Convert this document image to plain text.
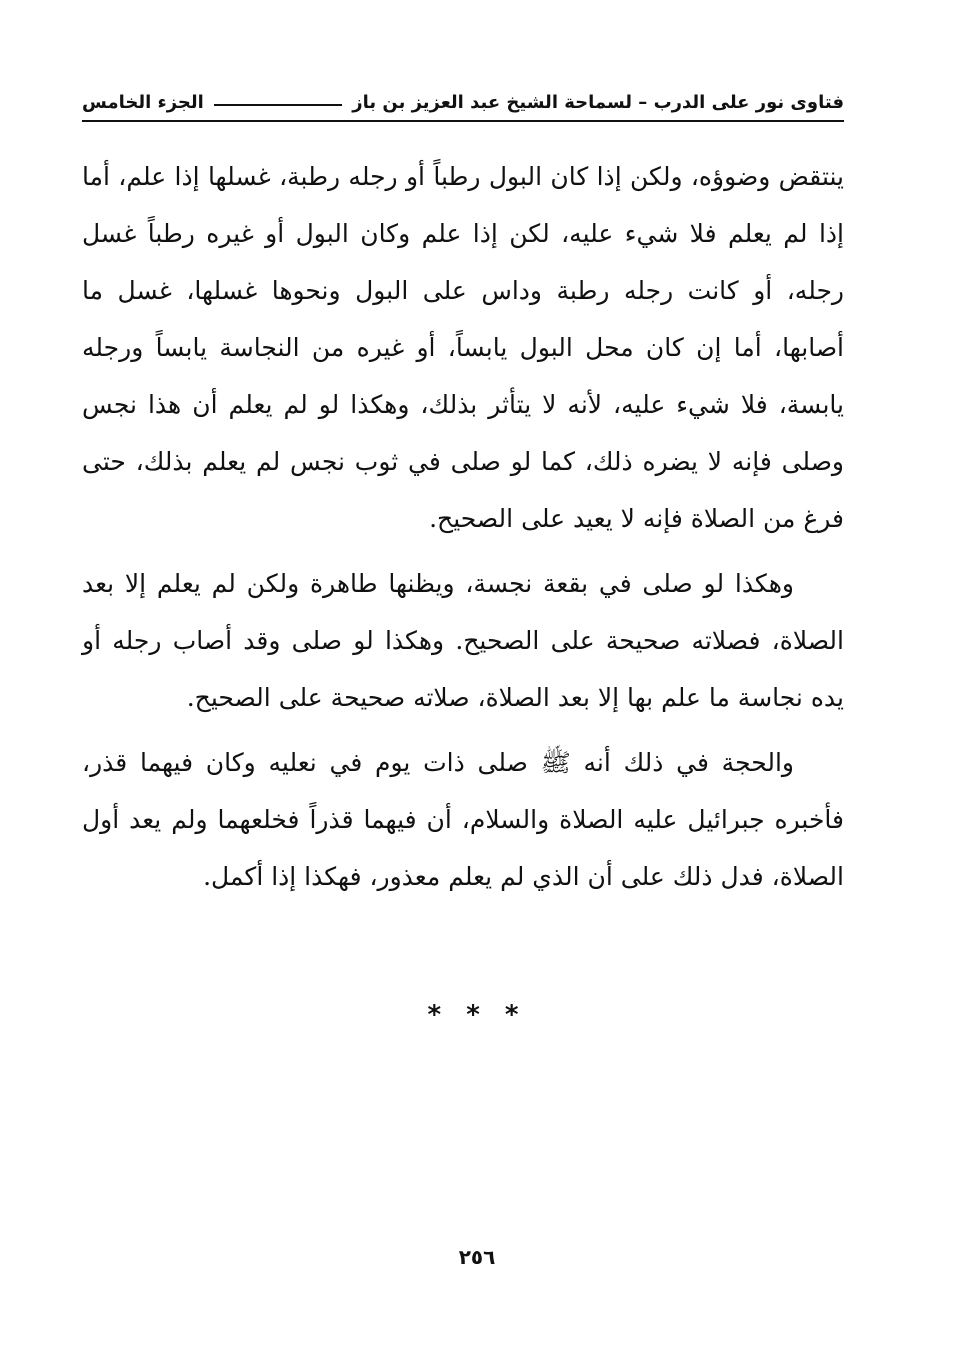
فتاوى نور على الدرب – لسماحة الشيخ عبد العزيز بن باز
الجزء الخامس

ينتقض وضوؤه، ولكن إذا كان البول رطباً أو رجله رطبة، غسلها إذا علم، أما إذا لم يعلم فلا شيء عليه، لكن إذا علم وكان البول أو غيره رطباً غسل رجله، أو كانت رجله رطبة وداس على البول ونحوها غسلها، غسل ما أصابها، أما إن كان محل البول يابساً، أو غيره من النجاسة يابساً ورجله يابسة، فلا شيء عليه، لأنه لا يتأثر بذلك، وهكذا لو لم يعلم أن هذا نجس وصلى فإنه لا يضره ذلك، كما لو صلى في ثوب نجس لم يعلم بذلك، حتى فرغ من الصلاة فإنه لا يعيد على الصحيح.

وهكذا لو صلى في بقعة نجسة، ويظنها طاهرة ولكن لم يعلم إلا بعد الصلاة، فصلاته صحيحة على الصحيح. وهكذا لو صلى وقد أصاب رجله أو يده نجاسة ما علم بها إلا بعد الصلاة، صلاته صحيحة على الصحيح.

والحجة في ذلك أنه ﷺ صلى ذات يوم في نعليه وكان فيهما قذر، فأخبره جبرائيل عليه الصلاة والسلام، أن فيهما قذراً فخلعهما ولم يعد أول الصلاة، فدل ذلك على أن الذي لم يعلم معذور، فهكذا إذا أكمل.

* * *
٢٥٦
